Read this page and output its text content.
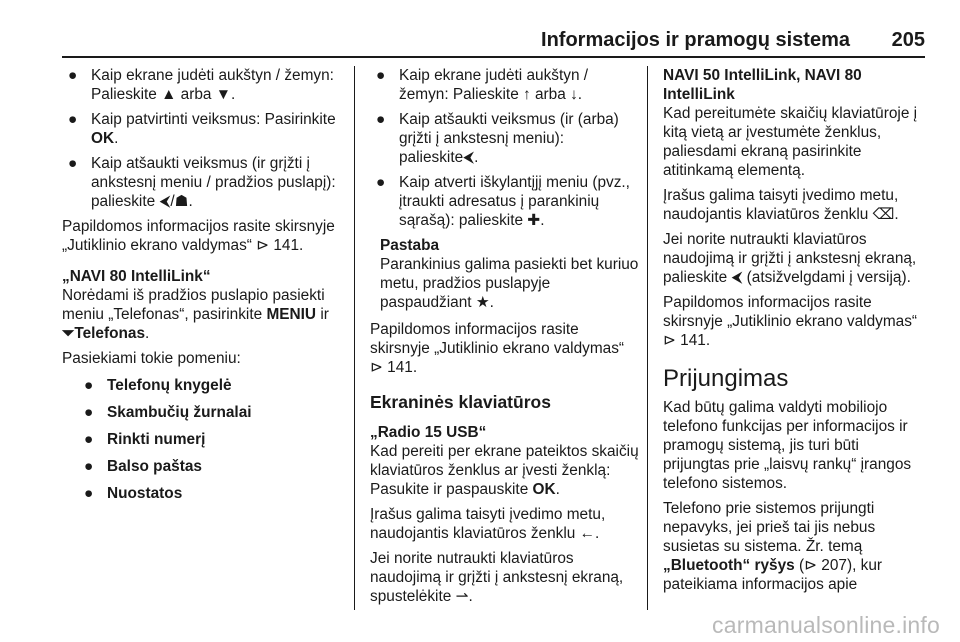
Informacijos ir pramogų sistema 205
● Kaip ekrane judėti aukštyn / žemyn: Palieskite ▲ arba ▼.
● Kaip patvirtinti veiksmus: Pasirinkite OK.
● Kaip atšaukti veiksmus (ir grįžti į ankstesnį meniu / pradžios puslapį): palieskite ⮜/☗.

Papildomos informacijos rasite skirsnyje „Jutiklinio ekrano valdymas“ ⊳ 141.

„NAVI 80 IntelliLink“

Norėdami iš pradžios puslapio pasiekti meniu „Telefonas“, pasirinkite MENIU ir ⏷Telefonas.

Pasiekiami tokie pomeniu:

● Telefonų knygelė
● Skambučių žurnalai
● Rinkti numerį
● Balso paštas
● Nuostatos
● Kaip ekrane judėti aukštyn / žemyn: Palieskite ↑ arba ↓.
● Kaip atšaukti veiksmus (ir (arba) grįžti į ankstesnį meniu): palieskite⮜.
● Kaip atverti iškylantįjį meniu (pvz., įtraukti adresatus į parankinių sąrašą): palieskite ✚.
Pastaba
Parankinius galima pasiekti bet kuriuo metu, pradžios puslapyje paspaudžiant ★.

Papildomos informacijos rasite skirsnyje „Jutiklinio ekrano valdymas“ ⊳ 141.

Ekraninės klaviatūros

„Radio 15 USB“

Kad pereiti per ekrane pateiktos skaičių klaviatūros ženklus ar įvesti ženklą: Pasukite ir paspauskite OK.

Įrašus galima taisyti įvedimo metu, naudojantis klaviatūros ženklu ←.

Jei norite nutraukti klaviatūros naudojimą ir grįžti į ankstesnį ekraną, spustelėkite ⇀.

NAVI 50 IntelliLink, NAVI 80 IntelliLink

Kad pereitumėte skaičių klaviatūroje į kitą vietą ar įvestumėte ženklus, paliesdami ekraną pasirinkite atitinkamą elementą.

Įrašus galima taisyti įvedimo metu, naudojantis klaviatūros ženklu ⌫.

Jei norite nutraukti klaviatūros naudojimą ir grįžti į ankstesnį ekraną, palieskite ⮜ (atsižvelgdami į versiją).

Papildomos informacijos rasite skirsnyje „Jutiklinio ekrano valdymas“ ⊳ 141.

Prijungimas

Kad būtų galima valdyti mobiliojo telefono funkcijas per informacijos ir pramogų sistemą, jis turi būti prijungtas prie „laisvų rankų“ įrangos telefono sistemos.

Telefono prie sistemos prijungti nepavyks, jei prieš tai jis nebus susietas su sistema. Žr. temą „Bluetooth“ ryšys (⊳ 207), kur pateikiama informacijos apie

carmanualsonline.info
